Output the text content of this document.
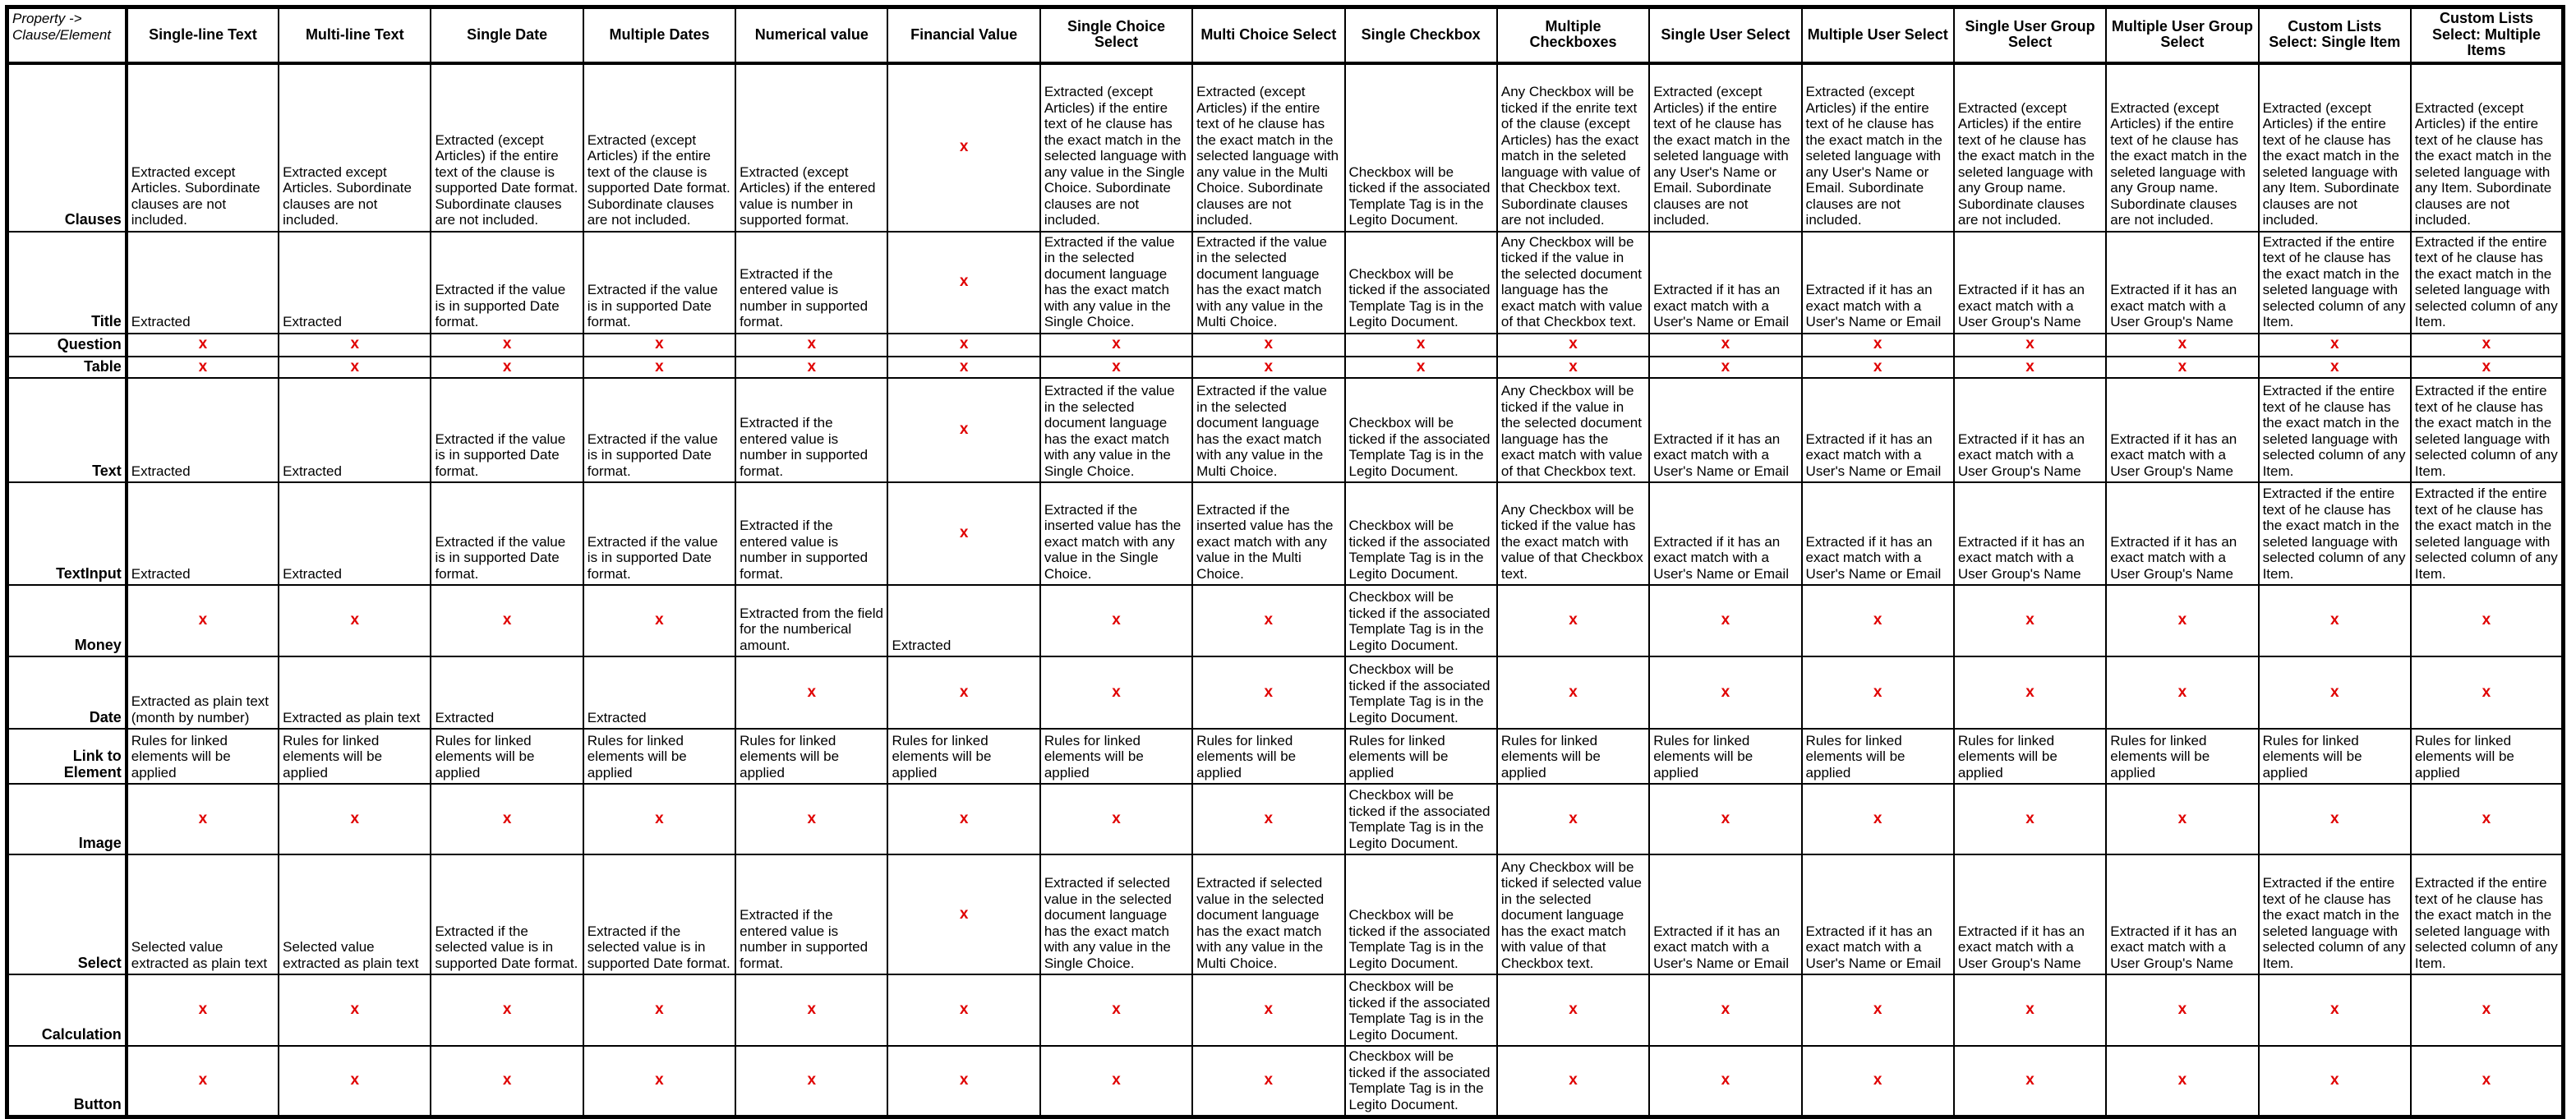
Property -> Clause/Element	Single-line Text	Multi-line Text	Single Date	Multiple Dates	Numerical value	Financial Value	Single Choice Select	Multi Choice Select	Single Checkbox	Multiple Checkboxes	Single User Select	Multiple User Select	Single User Group Select	Multiple User Group Select	Custom Lists Select: Single Item	Custom Lists Select: Multiple Items
Clauses	Extracted except Articles. Subordinate clauses are not included.	Extracted except Articles. Subordinate clauses are not included.	Extracted (except Articles) if the entire text of the clause is supported Date format. Subordinate clauses are not included.	Extracted (except Articles) if the entire text of the clause is supported Date format. Subordinate clauses are not included.	Extracted (except Articles) if the entered value is number in supported format.	x	Extracted (except Articles) if the entire text of he clause has the exact match in the selected language with any value in the Single Choice. Subordinate clauses are not included.	Extracted (except Articles) if the entire text of he clause has the exact match in the selected language with any value in the Multi Choice. Subordinate clauses are not included.	Checkbox will be ticked if the associated Template Tag is in the Legito Document.	Any Checkbox will be ticked if the enrite text of the clause (except Articles) has the exact match in the seleted language with value of that Checkbox text. Subordinate clauses are not included.	Extracted (except Articles) if the entire text of he clause has the exact match in the seleted language with any User's Name or Email. Subordinate clauses are not included.	Extracted (except Articles) if the entire text of he clause has the exact match in the seleted language with any User's Name or Email. Subordinate clauses are not included.	Extracted (except Articles) if the entire text of he clause has the exact match in the seleted language with any Group name. Subordinate clauses are not included.	Extracted (except Articles) if the entire text of he clause has the exact match in the seleted language with any Group name. Subordinate clauses are not included.	Extracted (except Articles) if the entire text of he clause has the exact match in the seleted language with any Item. Subordinate clauses are not included.	Extracted (except Articles) if the entire text of he clause has the exact match in the seleted language with any Item. Subordinate clauses are not included.
Title	Extracted	Extracted	Extracted if the value is in supported Date format.	Extracted if the value is in supported Date format.	Extracted if the entered value is number in supported format.	x	Extracted if the value in the selected document language has the exact match with any value in the Single Choice.	Extracted if the value in the selected document language has the exact match with any value in the Multi Choice.	Checkbox will be ticked if the associated Template Tag is in the Legito Document.	Any Checkbox will be ticked if the value in the selected document language has the exact match with value of that Checkbox text.	Extracted if it has an exact match with a User's Name or Email	Extracted if it has an exact match with a User's Name or Email	Extracted if it has an exact match with a User Group's Name	Extracted if it has an exact match with a User Group's Name	Extracted if the entire text of he clause has the exact match in the seleted language with selected column of any Item.	Extracted if the entire text of he clause has the exact match in the seleted language with selected column of any Item.
Question	x	x	x	x	x	x	x	x	x	x	x	x	x	x	x	x
Table	x	x	x	x	x	x	x	x	x	x	x	x	x	x	x	x
Text	Extracted	Extracted	Extracted if the value is in supported Date format.	Extracted if the value is in supported Date format.	Extracted if the entered value is number in supported format.	x	Extracted if the value in the selected document language has the exact match with any value in the Single Choice.	Extracted if the value in the selected document language has the exact match with any value in the Multi Choice.	Checkbox will be ticked if the associated Template Tag is in the Legito Document.	Any Checkbox will be ticked if the value in the selected document language has the exact match with value of that Checkbox text.	Extracted if it has an exact match with a User's Name or Email	Extracted if it has an exact match with a User's Name or Email	Extracted if it has an exact match with a User Group's Name	Extracted if it has an exact match with a User Group's Name	Extracted if the entire text of he clause has the exact match in the seleted language with selected column of any Item.	Extracted if the entire text of he clause has the exact match in the seleted language with selected column of any Item.
TextInput	Extracted	Extracted	Extracted if the value is in supported Date format.	Extracted if the value is in supported Date format.	Extracted if the entered value is number in supported format.	x	Extracted if the inserted value has the exact match with any value in the Single Choice.	Extracted if the inserted value has the exact match with any value in the Multi Choice.	Checkbox will be ticked if the associated Template Tag is in the Legito Document.	Any Checkbox will be ticked if the value has the exact match with value of that Checkbox text.	Extracted if it has an exact match with a User's Name or Email	Extracted if it has an exact match with a User's Name or Email	Extracted if it has an exact match with a User Group's Name	Extracted if it has an exact match with a User Group's Name	Extracted if the entire text of he clause has the exact match in the seleted language with selected column of any Item.	Extracted if the entire text of he clause has the exact match in the seleted language with selected column of any Item.
Money	x	x	x	x	Extracted from the field for the numberical amount.	Extracted	x	x	Checkbox will be ticked if the associated Template Tag is in the Legito Document.	x	x	x	x	x	x	x
Date	Extracted as plain text (month by number)	Extracted as plain text	Extracted	Extracted	x	x	x	x	Checkbox will be ticked if the associated Template Tag is in the Legito Document.	x	x	x	x	x	x	x
Link to Element	Rules for linked elements will be applied	Rules for linked elements will be applied	Rules for linked elements will be applied	Rules for linked elements will be applied	Rules for linked elements will be applied	Rules for linked elements will be applied	Rules for linked elements will be applied	Rules for linked elements will be applied	Rules for linked elements will be applied	Rules for linked elements will be applied	Rules for linked elements will be applied	Rules for linked elements will be applied	Rules for linked elements will be applied	Rules for linked elements will be applied	Rules for linked elements will be applied	Rules for linked elements will be applied
Image	x	x	x	x	x	x	x	x	Checkbox will be ticked if the associated Template Tag is in the Legito Document.	x	x	x	x	x	x	x
Select	Selected value extracted as plain text	Selected value extracted as plain text	Extracted if the selected value is in supported Date format.	Extracted if the selected value is in supported Date format.	Extracted if the entered value is number in supported format.	x	Extracted if selected value in the selected document language has the exact match with any value in the Single Choice.	Extracted if selected value in the selected document language has the exact match with any value in the Multi Choice.	Checkbox will be ticked if the associated Template Tag is in the Legito Document.	Any Checkbox will be ticked if selected value in the selected document language has the exact match with value of that Checkbox text.	Extracted if it has an exact match with a User's Name or Email	Extracted if it has an exact match with a User's Name or Email	Extracted if it has an exact match with a User Group's Name	Extracted if it has an exact match with a User Group's Name	Extracted if the entire text of he clause has the exact match in the seleted language with selected column of any Item.	Extracted if the entire text of he clause has the exact match in the seleted language with selected column of any Item.
Calculation	x	x	x	x	x	x	x	x	Checkbox will be ticked if the associated Template Tag is in the Legito Document.	x	x	x	x	x	x	x
Button	x	x	x	x	x	x	x	x	Checkbox will be ticked if the associated Template Tag is in the Legito Document.	x	x	x	x	x	x	x
